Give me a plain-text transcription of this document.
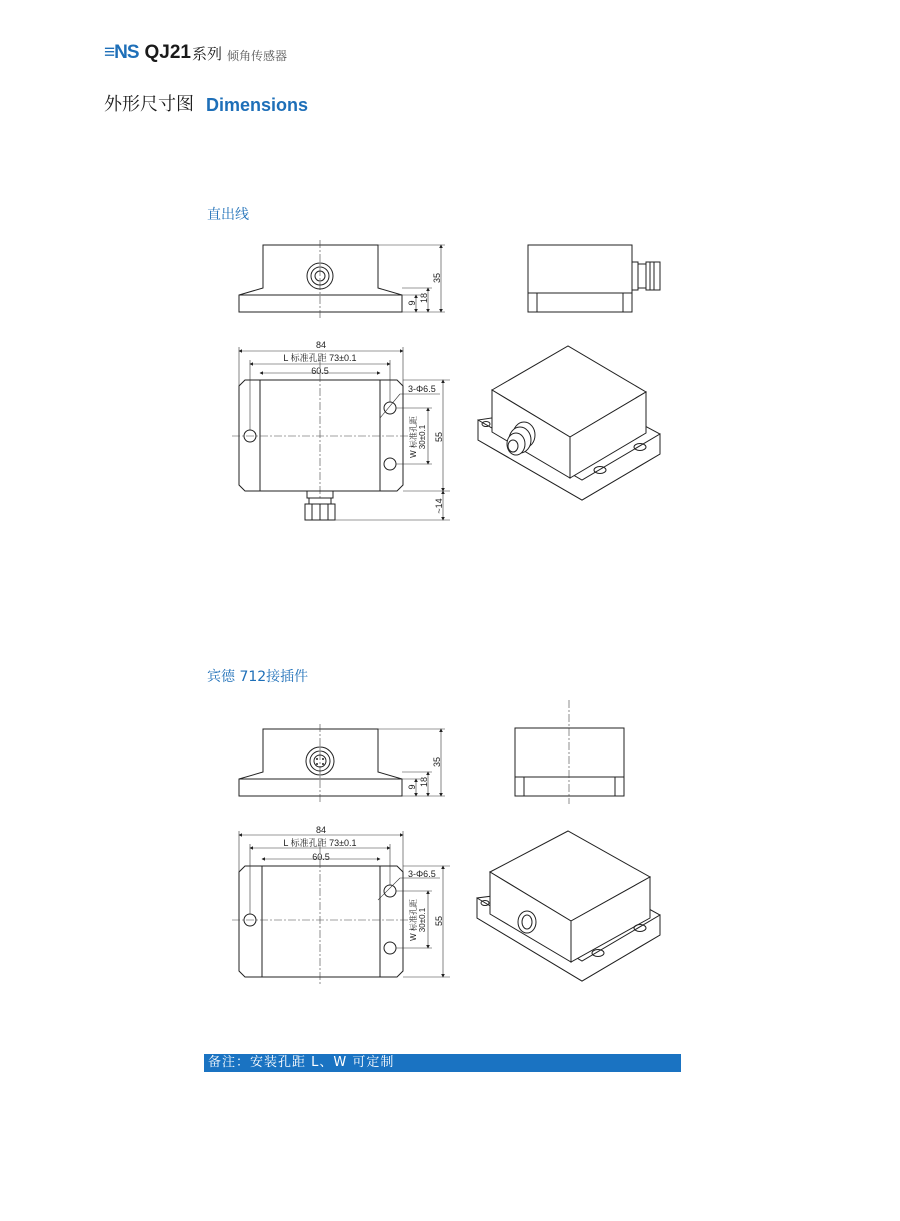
≡NS QJ21 系列 倾角传感器
外形尺寸图 Dimensions
直出线
宾德 712接插件
35
18
9
84
L 标准孔距 73±0.1
60.5
3-Φ6.5
55
W 标准孔距 30±0.1
~14
35
18
9
84
L 标准孔距 73±0.1
60.5
3-Φ6.5
55
W 标准孔距 30±0.1
备注：安装孔距 L、W 可定制
